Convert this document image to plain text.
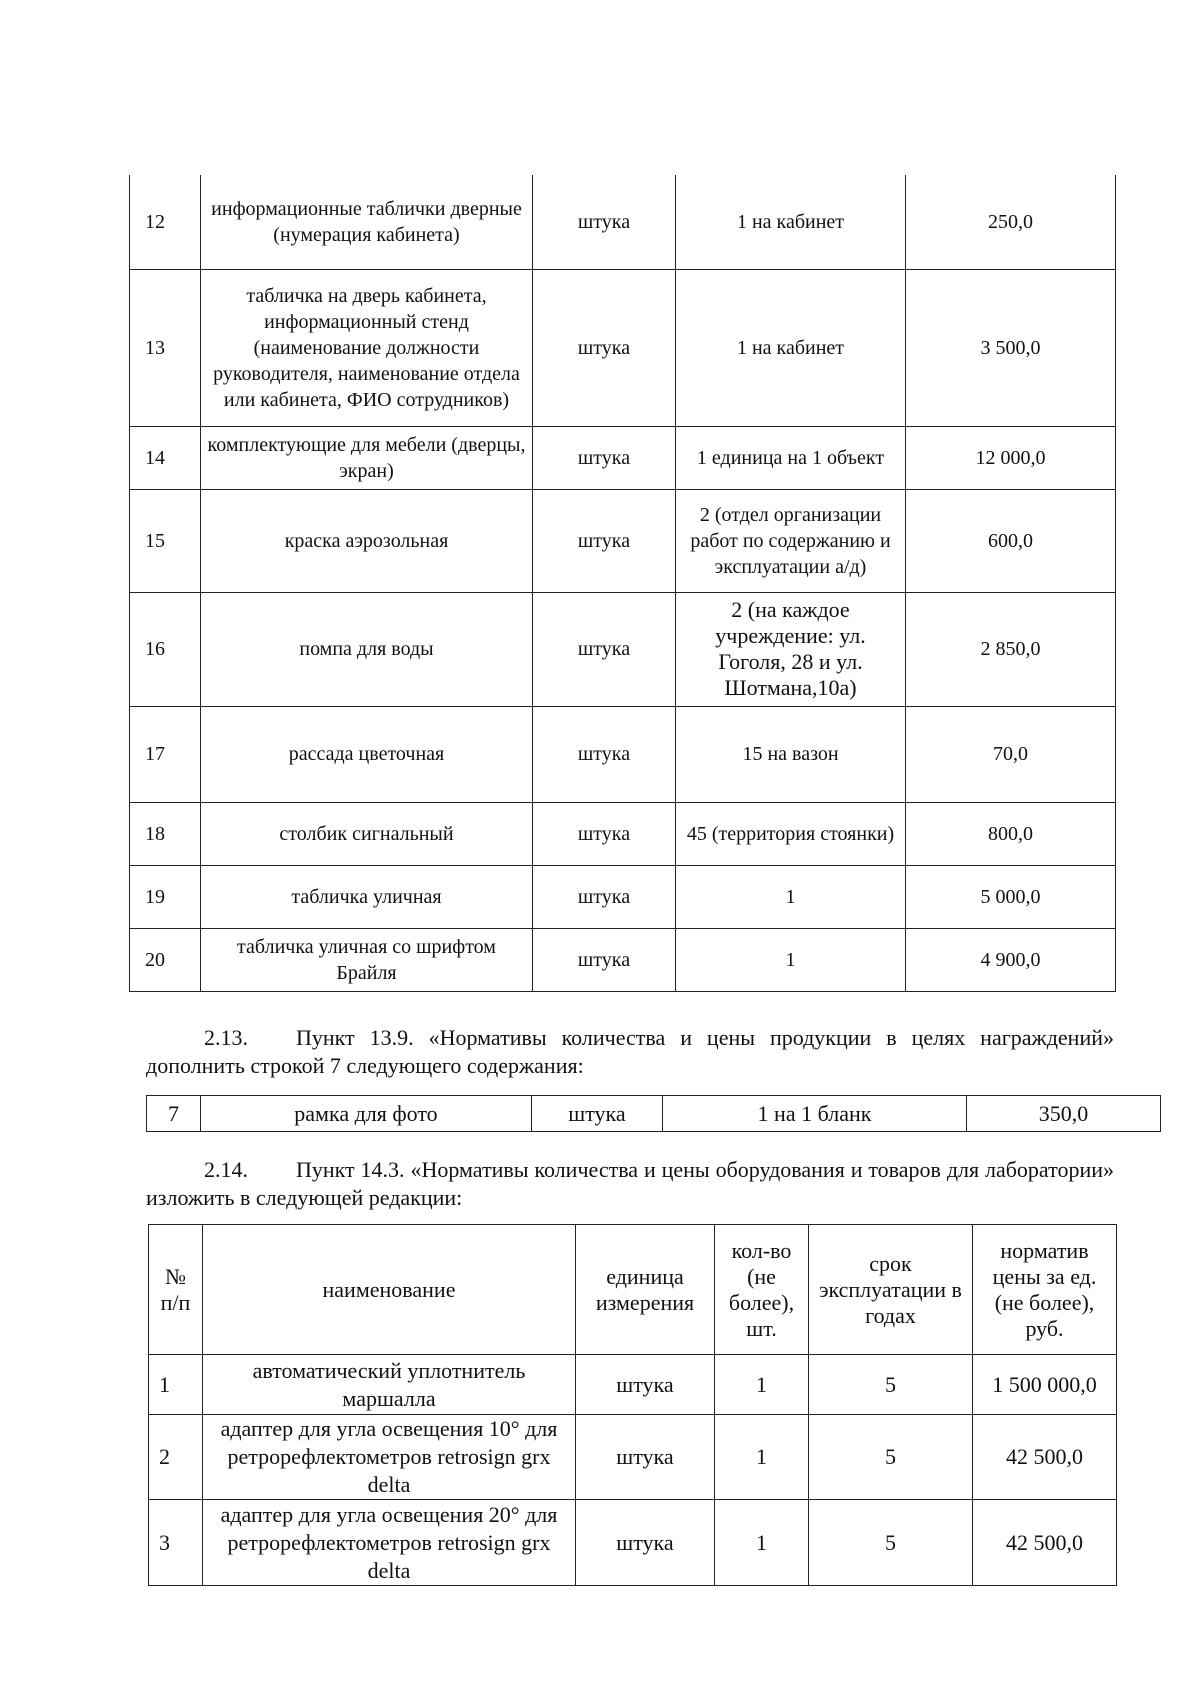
12	информационные таблички дверные (нумерация кабинета)	штука	1 на кабинет	250,0
13	табличка на дверь кабинета, информационный стенд (наименование должности руководителя, наименование отдела или кабинета, ФИО сотрудников)	штука	1 на кабинет	3 500,0
14	комплектующие для мебели (дверцы, экран)	штука	1 единица на 1 объект	12 000,0
15	краска аэрозольная	штука	2 (отдел организации работ по содержанию и эксплуатации а/д)	600,0
16	помпа для воды	штука	2 (на каждое учреждение: ул. Гоголя, 28 и ул. Шотмана,10а)	2 850,0
17	рассада цветочная	штука	15 на вазон	70,0
18	столбик сигнальный	штука	45 (территория стоянки)	800,0
19	табличка уличная	штука	1	5 000,0
20	табличка уличная со шрифтом Брайля	штука	1	4 900,0

2.13. Пункт 13.9. «Нормативы количества и цены продукции в целях награждений» дополнить строкой 7 следующего содержания:

7	рамка для фото	штука	1 на 1 бланк	350,0

2.14. Пункт 14.3. «Нормативы количества и цены оборудования и товаров для лаборатории» изложить в следующей редакции:

№ п/п	наименование	единица измерения	кол-во (не более), шт.	срок эксплуатации в годах	норматив цены за ед. (не более), руб.
1	автоматический уплотнитель маршалла	штука	1	5	1 500 000,0
2	адаптер для угла освещения 10° для ретрорефлектометров retrosign grx delta	штука	1	5	42 500,0
3	адаптер для угла освещения 20° для ретрорефлектометров retrosign grx delta	штука	1	5	42 500,0
